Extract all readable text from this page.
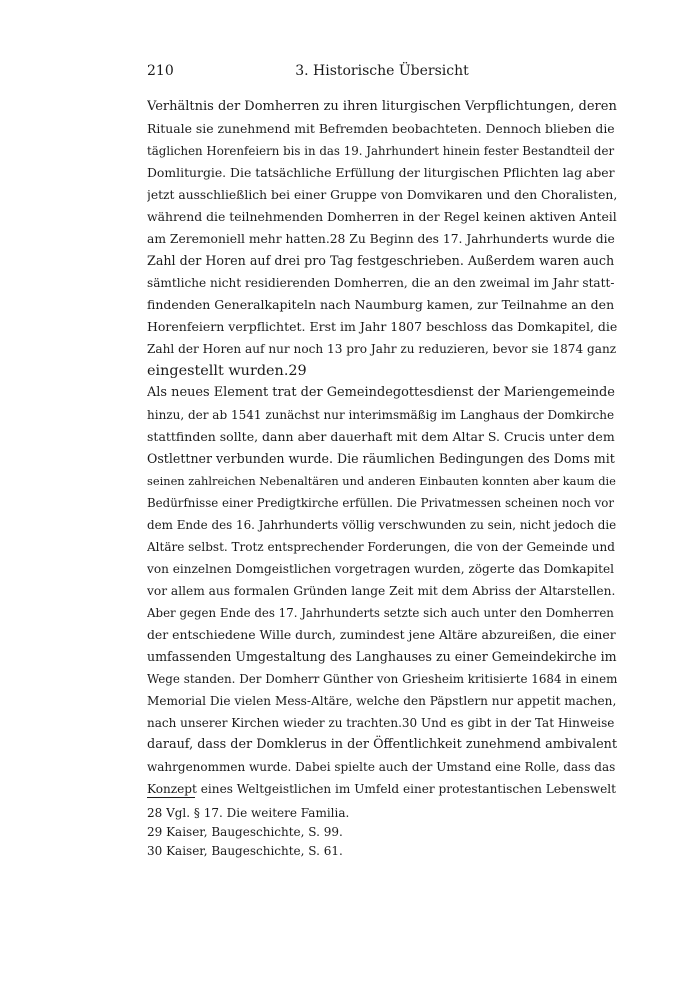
210	3. Historische Übersicht
Verhältnis der Domherren zu ihren liturgischen Verpflichtungen, deren
Rituale sie zunehmend mit Befremden beobachteten. Dennoch blieben die
täglichen Horenfeiern bis in das 19. Jahrhundert hinein fester Bestandteil der
Domliturgie. Die tatsächliche Erfüllung der liturgischen Pflichten lag aber
jetzt ausschließlich bei einer Gruppe von Domvikaren und den Choralisten,
während die teilnehmenden Domherren in der Regel keinen aktiven Anteil
am Zeremoniell mehr hatten.28 Zu Beginn des 17. Jahrhunderts wurde die
Zahl der Horen auf drei pro Tag festgeschrieben. Außerdem waren auch
sämtliche nicht residierenden Domherren, die an den zweimal im Jahr statt-
findenden Generalkapiteln nach Naumburg kamen, zur Teilnahme an den
Horenfeiern verpflichtet. Erst im Jahr 1807 beschloss das Domkapitel, die
Zahl der Horen auf nur noch 13 pro Jahr zu reduzieren, bevor sie 1874 ganz
eingestellt wurden.29
Als neues Element trat der Gemeindegottesdienst der Mariengemeinde
hinzu, der ab 1541 zunächst nur interimsmäßig im Langhaus der Domkirche
stattfinden sollte, dann aber dauerhaft mit dem Altar S. Crucis unter dem
Ostlettner verbunden wurde. Die räumlichen Bedingungen des Doms mit
seinen zahlreichen Nebenaltären und anderen Einbauten konnten aber kaum die
Bedürfnisse einer Predigtkirche erfüllen. Die Privatmessen scheinen noch vor
dem Ende des 16. Jahrhunderts völlig verschwunden zu sein, nicht jedoch die
Altäre selbst. Trotz entsprechender Forderungen, die von der Gemeinde und
von einzelnen Domgeistlichen vorgetragen wurden, zögerte das Domkapitel
vor allem aus formalen Gründen lange Zeit mit dem Abriss der Altarstellen.
Aber gegen Ende des 17. Jahrhunderts setzte sich auch unter den Domherren
der entschiedene Wille durch, zumindest jene Altäre abzureißen, die einer
umfassenden Umgestaltung des Langhauses zu einer Gemeindekirche im
Wege standen. Der Domherr Günther von Griesheim kritisierte 1684 in einem
Memorial Die vielen Mess-Altäre, welche den Päpstlern nur appetit machen,
nach unserer Kirchen wieder zu trachten.30 Und es gibt in der Tat Hinweise
darauf, dass der Domklerus in der Öffentlichkeit zunehmend ambivalent
wahrgenommen wurde. Dabei spielte auch der Umstand eine Rolle, dass das
Konzept eines Weltgeistlichen im Umfeld einer protestantischen Lebenswelt
28 Vgl. § 17. Die weitere Familia.
29 Kaiser, Baugeschichte, S. 99.
30 Kaiser, Baugeschichte, S. 61.
